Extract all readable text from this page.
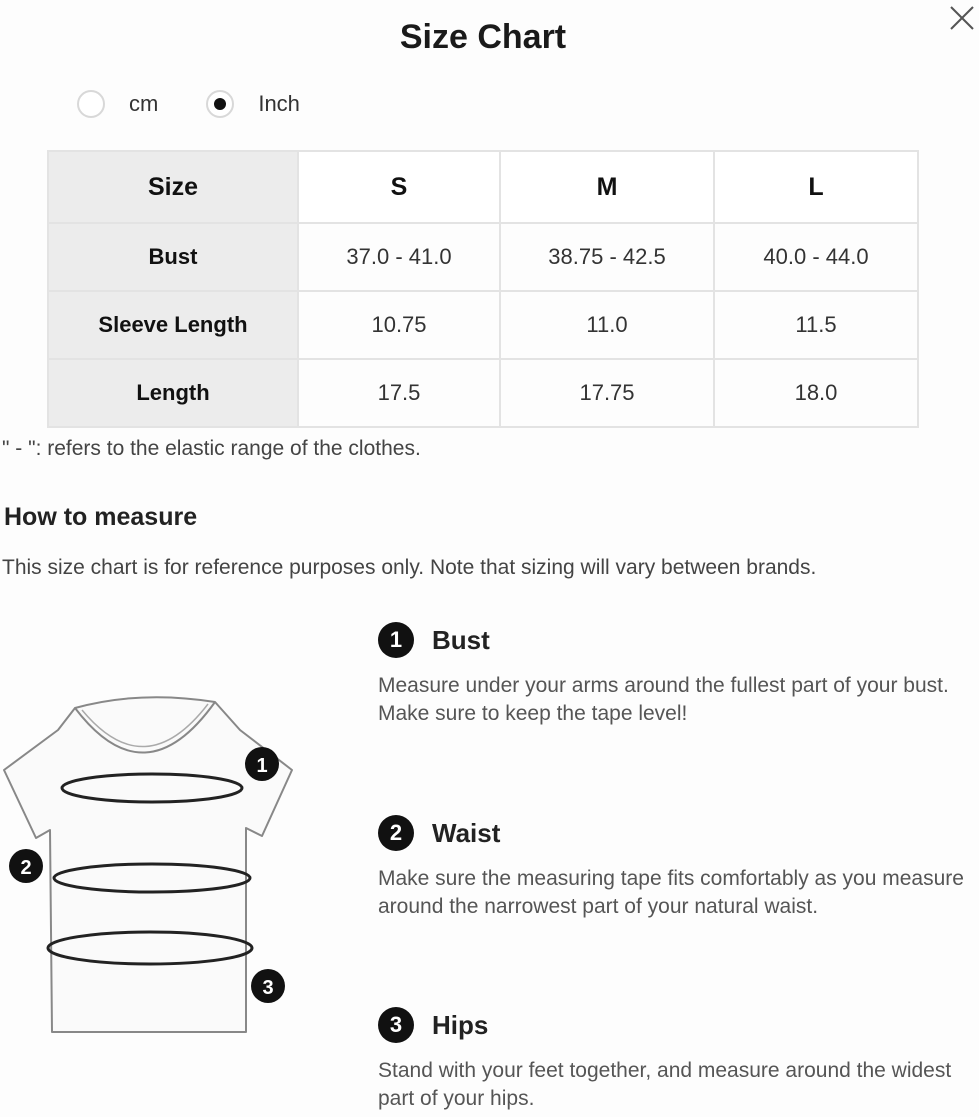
Size Chart
cm	Inch
Size	S	M	L
Bust	37.0 - 41.0	38.75 - 42.5	40.0 - 44.0
Sleeve Length	10.75	11.0	11.5
Length	17.5	17.75	18.0
" - ": refers to the elastic range of the clothes.
How to measure
This size chart is for reference purposes only. Note that sizing will vary between brands.
1
2
3
1	Bust
Measure under your arms around the fullest part of your bust. Make sure to keep the tape level!
2	Waist
Make sure the measuring tape fits comfortably as you measure around the narrowest part of your natural waist.
3	Hips
Stand with your feet together, and measure around the widest part of your hips.
